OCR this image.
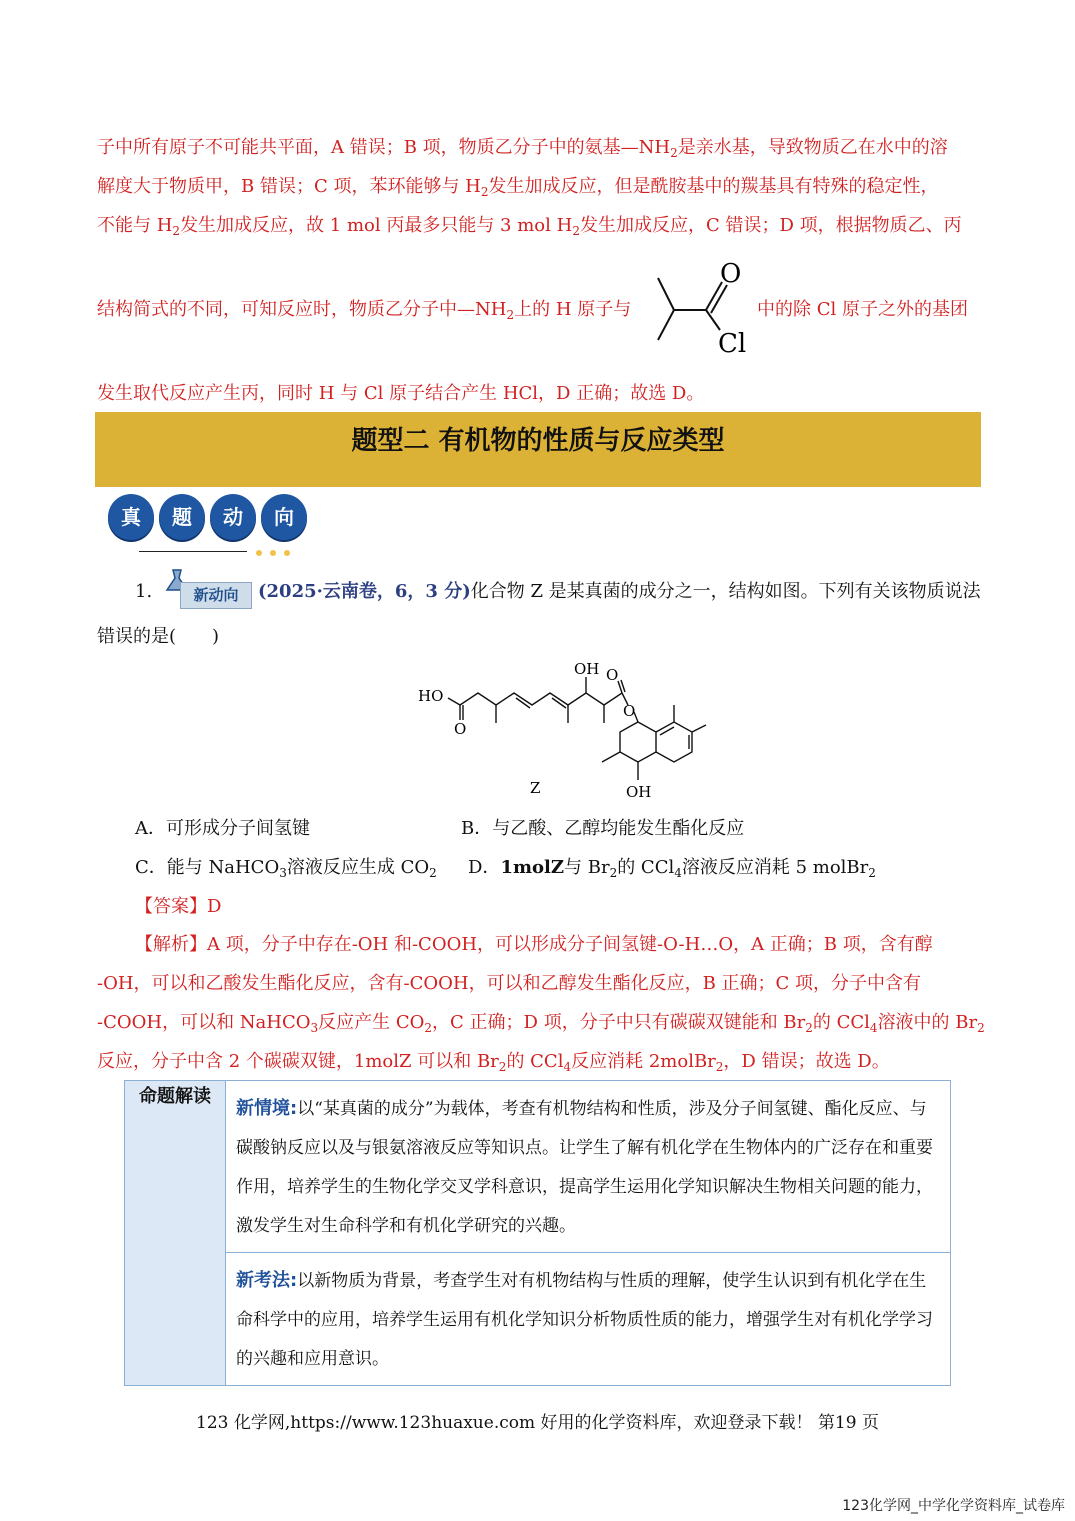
子中所有原子不可能共平面，A 错误；B 项，物质乙分子中的氨基$—NH_2$是亲水基，导致物质乙在水中的溶
解度大于物质甲，B 错误；C 项，苯环能够与 $H_2$发生加成反应，但是酰胺基中的羰基具有特殊的稳定性，
不能与 $H_2$发生加成反应，故 1 mol 丙最多只能与 3 mol $H_2$发生加成反应，C 错误；D 项，根据物质乙、丙
结构简式的不同，可知反应时，物质乙分子中$—NH_2$上的 H 原子与
O
Cl
中的除 Cl 原子之外的基团
发生取代反应产生丙，同时 H 与 Cl 原子结合产生 HCl，D 正确；故选 D。
题型二 有机物的性质与反应类型
真	题	动	向
1.	新动向	(2025·云南卷，6，3 分)化合物 Z 是某真菌的成分之一，结构如图。下列有关该物质说法
错误的是(　　)
HO
O
OH O
O
OH
Z
A．可形成分子间氢键	B．与乙酸、乙醇均能发生酯化反应
C．能与 NaHCO$_3$溶液反应生成 $CO_2$ D．1molZ与 $Br_2$的 CCl$_4$溶液反应消耗 5 molBr$_2$
【答案】D
【解析】A 项，分子中存在-OH 和-COOH，可以形成分子间氢键-O-H…O，A 正确；B 项，含有醇
-OH，可以和乙酸发生酯化反应，含有-COOH，可以和乙醇发生酯化反应，B 正确；C 项，分子中含有
-COOH，可以和 NaHCO$_3$反应产生 $CO_2$，C 正确；D 项，分子中只有碳碳双键能和 $Br_2$的 CCl$_4$溶液中的 $Br_2$
反应，分子中含 2 个碳碳双键，1molZ 可以和 $Br_2$的 CCl$_4$反应消耗 2molBr$_2$，D 错误；故选 D。
命题解读	新情境:以“某真菌的成分”为载体，考查有机物结构和性质，涉及分子间氢键、酯化反应、与碳酸钠反应以及与银氨溶液反应等知识点。让学生了解有机化学在生物体内的广泛存在和重要作用，培养学生的生物化学交叉学科意识，提高学生运用化学知识解决生物相关问题的能力，激发学生对生命科学和有机化学研究的兴趣。
新考法:以新物质为背景，考查学生对有机物结构与性质的理解，使学生认识到有机化学在生命科学中的应用，培养学生运用有机化学知识分析物质性质的能力，增强学生对有机化学学习的兴趣和应用意识。
123 化学网,https://www.123huaxue.com 好用的化学资料库，欢迎登录下载！ 第19 页
123化学网_中学化学资料库_试卷库
